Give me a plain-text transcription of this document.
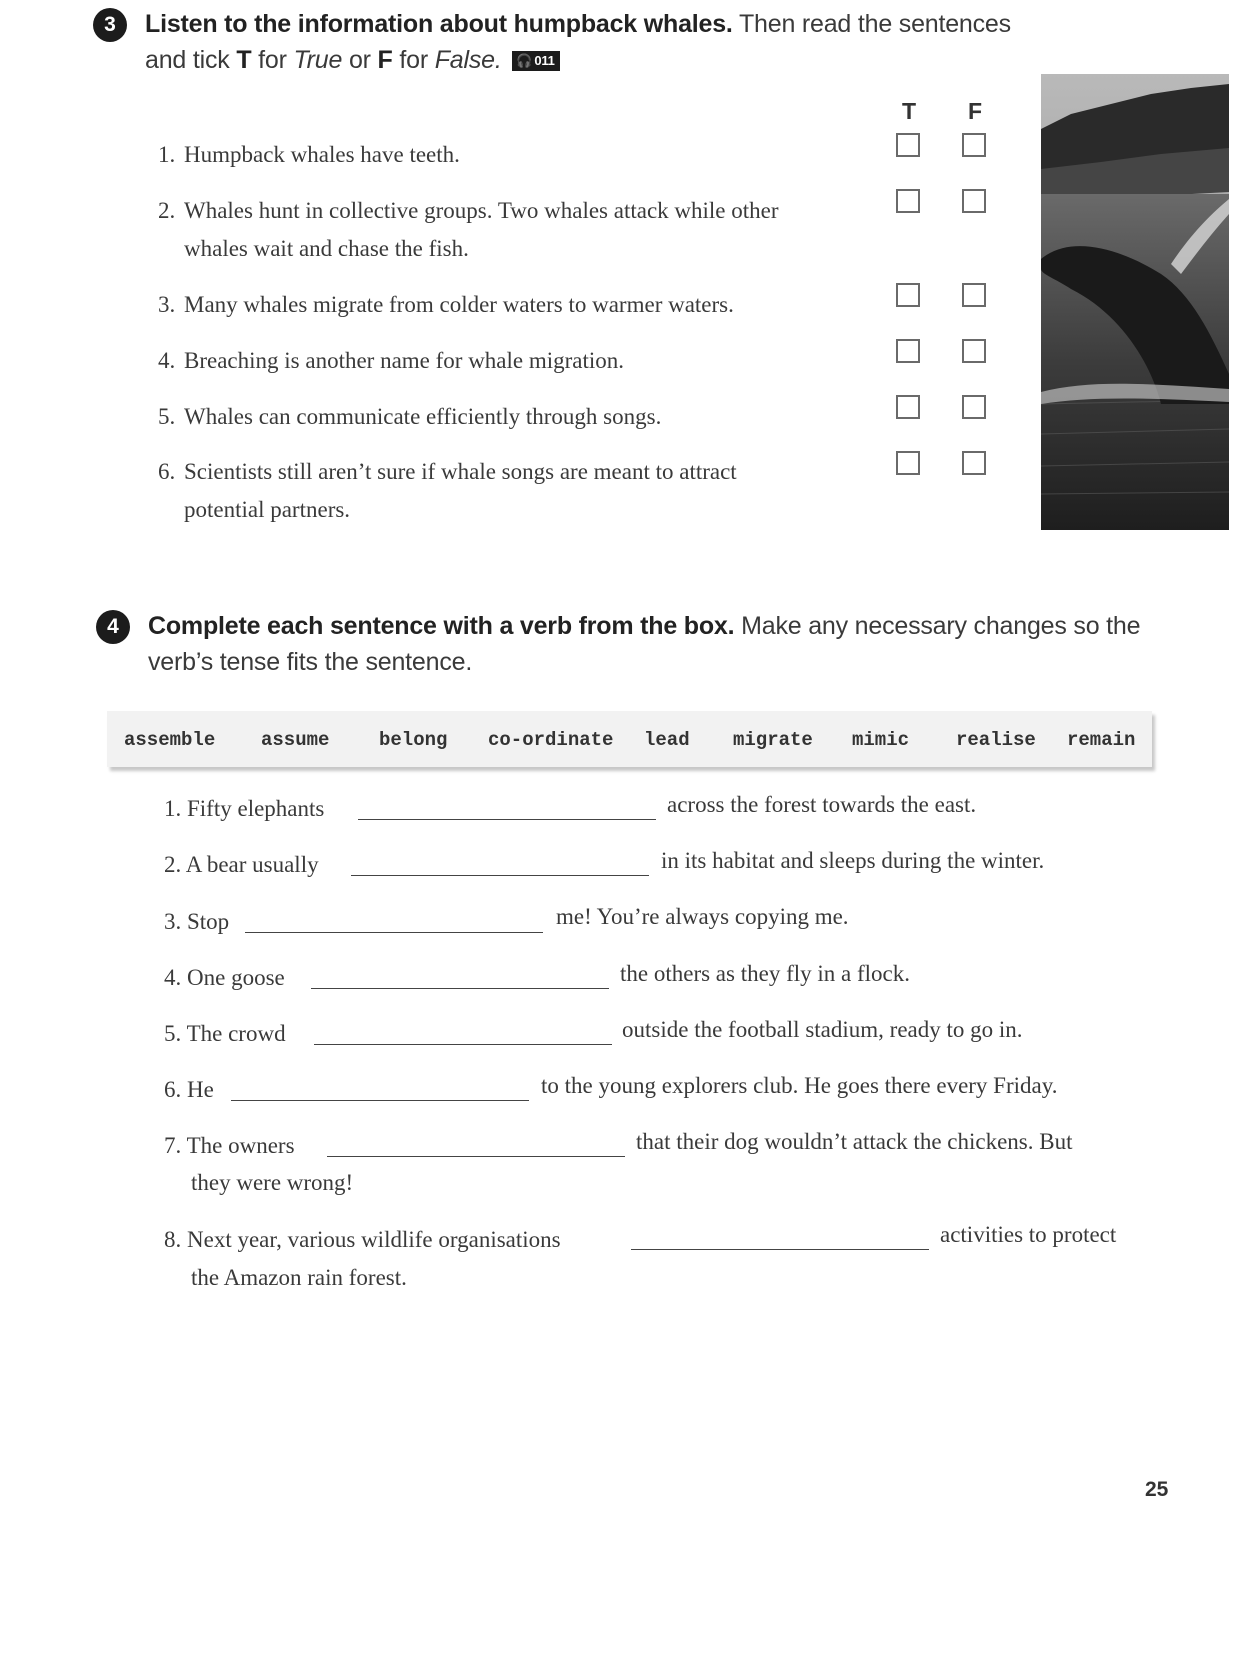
3	Listen to the information about humpback whales. Then read the sentences
and tick T for True or F for False. 🎧 011
T	F
1. Humpback whales have teeth.
2. Whales hunt in collective groups. Two whales attack while other
whales wait and chase the fish.
3. Many whales migrate from colder waters to warmer waters.
4. Breaching is another name for whale migration.
5. Whales can communicate efficiently through songs.
6. Scientists still aren’t sure if whale songs are meant to attract
potential partners.
4	Complete each sentence with a verb from the box. Make any necessary changes so the
verb’s tense fits the sentence.
assemble assume	belong co-ordinate lead migrate mimic realise remain
1. Fifty elephants	across the forest towards the east.
2. A bear usually	in its habitat and sleeps during the winter.
3. Stop	me! You’re always copying me.
4. One goose	the others as they fly in a flock.
5. The crowd	outside the football stadium, ready to go in.
6. He	to the young explorers club. He goes there every Friday.
7. The owners	that their dog wouldn’t attack the chickens. But
they were wrong!
8. Next year, various wildlife organisations	activities to protect
the Amazon rain forest.
25
